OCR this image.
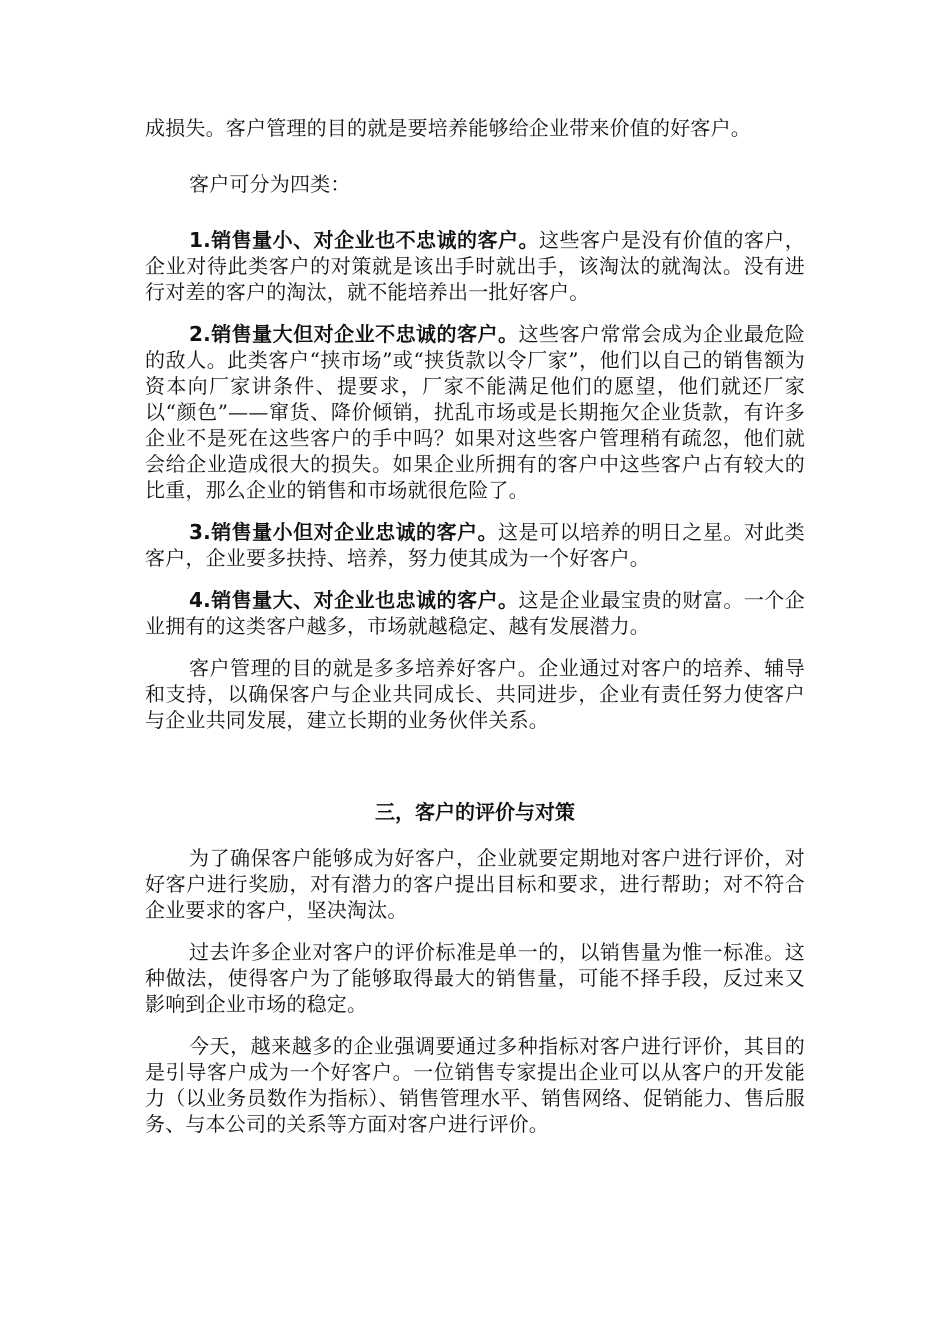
成损失。客户管理的目的就是要培养能够给企业带来价值的好客户。

客户可分为四类：

1.销售量小、对企业也不忠诚的客户。这些客户是没有价值的客户，企业对待此类客户的对策就是该出手时就出手，该淘汰的就淘汰。没有进行对差的客户的淘汰，就不能培养出一批好客户。

2.销售量大但对企业不忠诚的客户。这些客户常常会成为企业最危险的敌人。此类客户“挟市场”或“挟货款以令厂家”，他们以自己的销售额为资本向厂家讲条件、提要求，厂家不能满足他们的愿望，他们就还厂家以“颜色”——窜货、降价倾销，扰乱市场或是长期拖欠企业货款，有许多企业不是死在这些客户的手中吗？如果对这些客户管理稍有疏忽，他们就会给企业造成很大的损失。如果企业所拥有的客户中这些客户占有较大的比重，那么企业的销售和市场就很危险了。

3.销售量小但对企业忠诚的客户。这是可以培养的明日之星。对此类客户，企业要多扶持、培养，努力使其成为一个好客户。

4.销售量大、对企业也忠诚的客户。这是企业最宝贵的财富。一个企业拥有的这类客户越多，市场就越稳定、越有发展潜力。

客户管理的目的就是多多培养好客户。企业通过对客户的培养、辅导和支持，以确保客户与企业共同成长、共同进步，企业有责任努力使客户与企业共同发展，建立长期的业务伙伴关系。

三，客户的评价与对策

为了确保客户能够成为好客户，企业就要定期地对客户进行评价，对好客户进行奖励，对有潜力的客户提出目标和要求，进行帮助；对不符合企业要求的客户，坚决淘汰。

过去许多企业对客户的评价标准是单一的，以销售量为惟一标准。这种做法，使得客户为了能够取得最大的销售量，可能不择手段，反过来又影响到企业市场的稳定。

今天，越来越多的企业强调要通过多种指标对客户进行评价，其目的是引导客户成为一个好客户。一位销售专家提出企业可以从客户的开发能力（以业务员数作为指标）、销售管理水平、销售网络、促销能力、售后服务、与本公司的关系等方面对客户进行评价。
